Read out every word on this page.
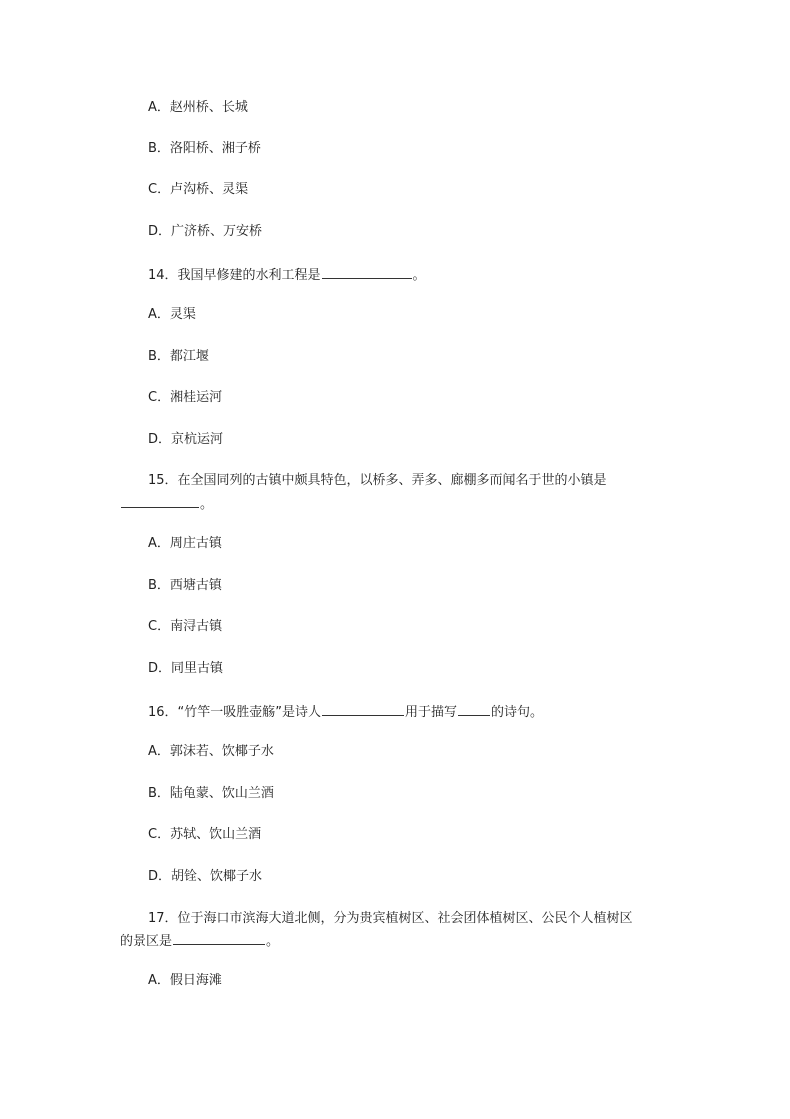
A．赵州桥、长城
B．洛阳桥、湘子桥
C．卢沟桥、灵渠
D．广济桥、万安桥
14．我国早修建的水利工程是	。
A．灵渠
B．都江堰
C．湘桂运河
D．京杭运河
15．在全国同列的古镇中颇具特色，以桥多、弄多、廊棚多而闻名于世的小镇是
。
A．周庄古镇
B．西塘古镇
C．南浔古镇
D．同里古镇
16．“竹竿一吸胜壶觞”是诗人	用于描写	的诗句。
A．郭沫若、饮椰子水
B．陆龟蒙、饮山兰酒
C．苏轼、饮山兰酒
D．胡铨、饮椰子水
17．位于海口市滨海大道北侧，分为贵宾植树区、社会团体植树区、公民个人植树区
的景区是	。
A．假日海滩
